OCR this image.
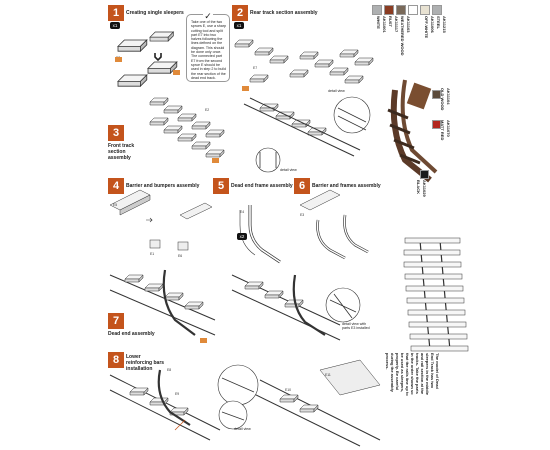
1	Creating single sleepers
x1
2	Rear track section assembly
x1
3
Front track section assembly
4	Barrier and bumpers assembly	5	Dead end frame assembly
x2
6	Barrier and frames assembly
7
Dead end assembly
8	Lower reinforcing bars installation
Take one of the two sprues E, use a sharp cutting tool and split part E7 into two halves following the lines defined on the diagram. This should be done only once. The connected part E7 from the second sprue E should be used in step 2 to build the rear section of the dead end track.
✓
detail view
detail view
detail view with parts E3 installed
detail view
E7
E2
E5
E1	E6
E4
E3
E8
E9
E10
E11
WHITE AK11001 RUST AK11117 WEATHERED WOOD AK11103	OFF-WHITE AK11006 STEEL AK11215
OLD WOOD AK11104
MATT RED AK11070
BLACK AK11029
The model of Dead End Track has two sleepers in the middle and rail section at the tracks. Take the parts in the order shown so that the rails line up to be used as sleepers, properly. Be careful during the assembly process.
